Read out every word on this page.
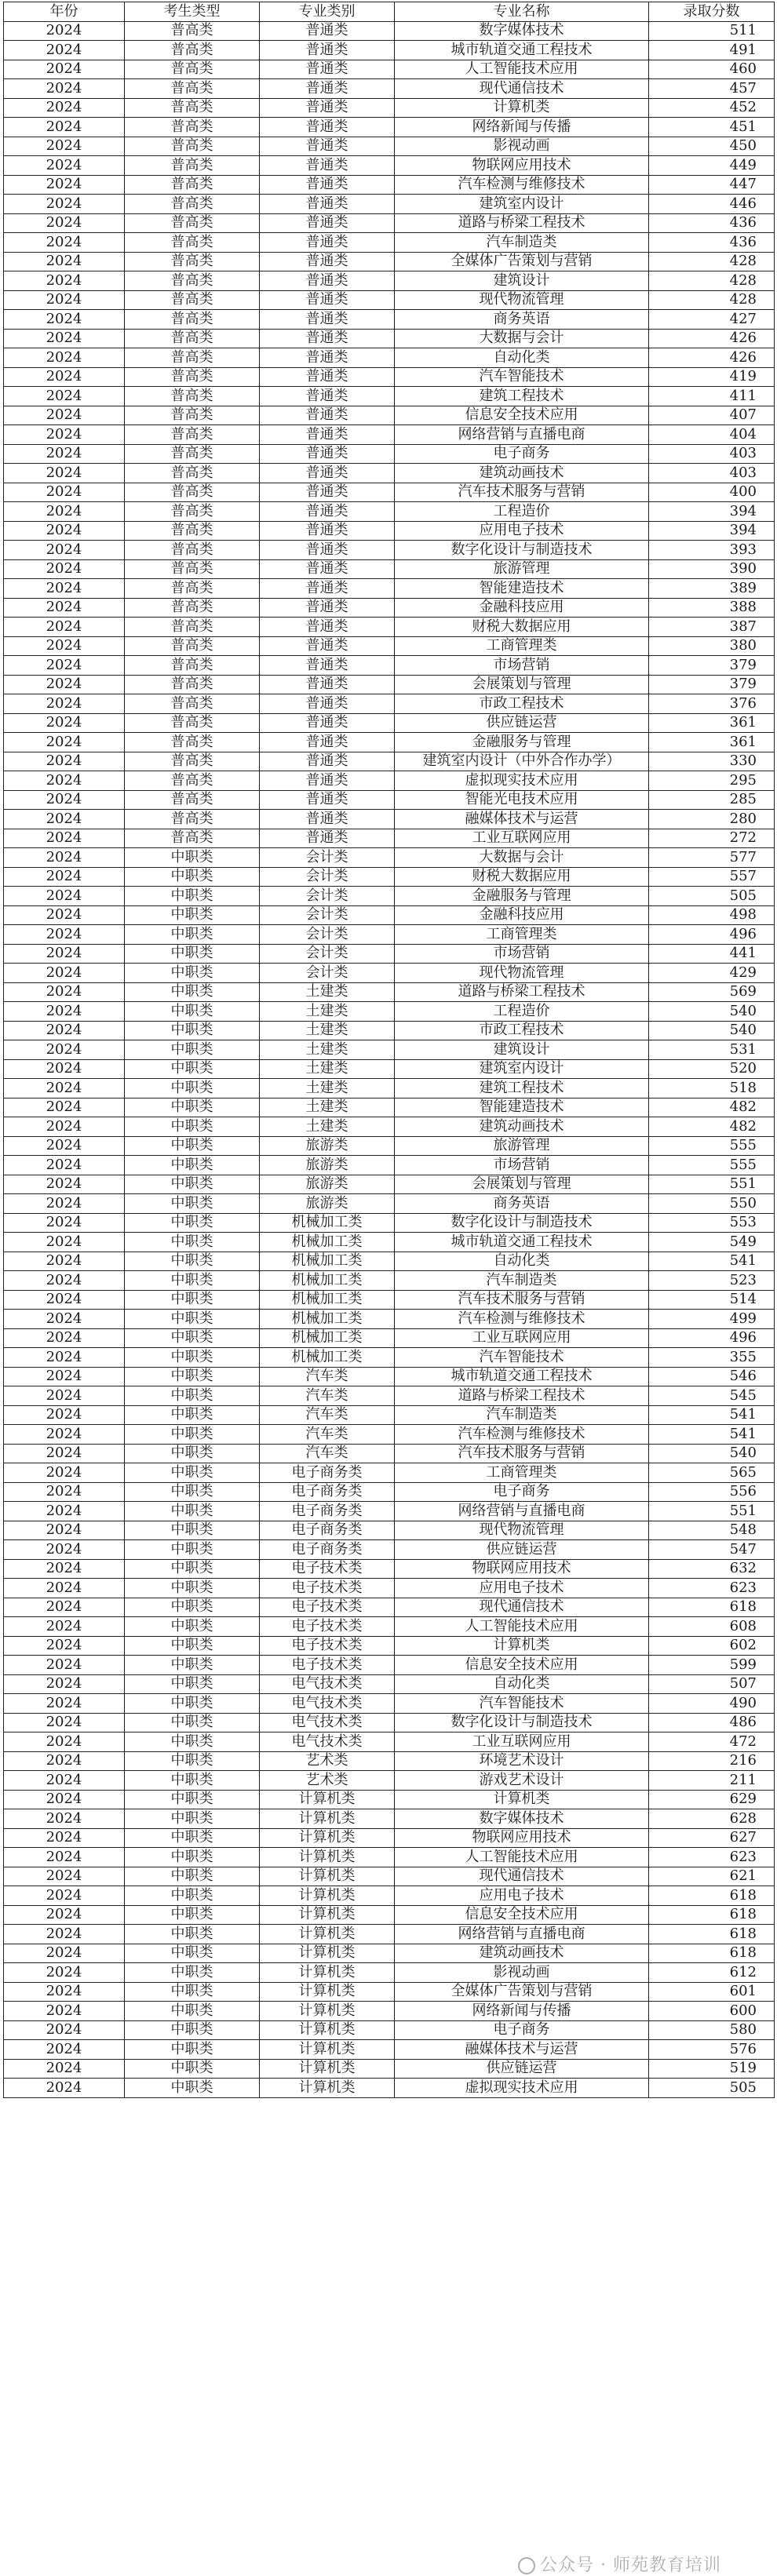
年份	考生类型	专业类别	专业名称	录取分数
2024	普高类	普通类	数字媒体技术	511
2024	普高类	普通类	城市轨道交通工程技术	491
2024	普高类	普通类	人工智能技术应用	460
2024	普高类	普通类	现代通信技术	457
2024	普高类	普通类	计算机类	452
2024	普高类	普通类	网络新闻与传播	451
2024	普高类	普通类	影视动画	450
2024	普高类	普通类	物联网应用技术	449
2024	普高类	普通类	汽车检测与维修技术	447
2024	普高类	普通类	建筑室内设计	446
2024	普高类	普通类	道路与桥梁工程技术	436
2024	普高类	普通类	汽车制造类	436
2024	普高类	普通类	全媒体广告策划与营销	428
2024	普高类	普通类	建筑设计	428
2024	普高类	普通类	现代物流管理	428
2024	普高类	普通类	商务英语	427
2024	普高类	普通类	大数据与会计	426
2024	普高类	普通类	自动化类	426
2024	普高类	普通类	汽车智能技术	419
2024	普高类	普通类	建筑工程技术	411
2024	普高类	普通类	信息安全技术应用	407
2024	普高类	普通类	网络营销与直播电商	404
2024	普高类	普通类	电子商务	403
2024	普高类	普通类	建筑动画技术	403
2024	普高类	普通类	汽车技术服务与营销	400
2024	普高类	普通类	工程造价	394
2024	普高类	普通类	应用电子技术	394
2024	普高类	普通类	数字化设计与制造技术	393
2024	普高类	普通类	旅游管理	390
2024	普高类	普通类	智能建造技术	389
2024	普高类	普通类	金融科技应用	388
2024	普高类	普通类	财税大数据应用	387
2024	普高类	普通类	工商管理类	380
2024	普高类	普通类	市场营销	379
2024	普高类	普通类	会展策划与管理	379
2024	普高类	普通类	市政工程技术	376
2024	普高类	普通类	供应链运营	361
2024	普高类	普通类	金融服务与管理	361
2024	普高类	普通类	建筑室内设计（中外合作办学）	330
2024	普高类	普通类	虚拟现实技术应用	295
2024	普高类	普通类	智能光电技术应用	285
2024	普高类	普通类	融媒体技术与运营	280
2024	普高类	普通类	工业互联网应用	272
2024	中职类	会计类	大数据与会计	577
2024	中职类	会计类	财税大数据应用	557
2024	中职类	会计类	金融服务与管理	505
2024	中职类	会计类	金融科技应用	498
2024	中职类	会计类	工商管理类	496
2024	中职类	会计类	市场营销	441
2024	中职类	会计类	现代物流管理	429
2024	中职类	土建类	道路与桥梁工程技术	569
2024	中职类	土建类	工程造价	540
2024	中职类	土建类	市政工程技术	540
2024	中职类	土建类	建筑设计	531
2024	中职类	土建类	建筑室内设计	520
2024	中职类	土建类	建筑工程技术	518
2024	中职类	土建类	智能建造技术	482
2024	中职类	土建类	建筑动画技术	482
2024	中职类	旅游类	旅游管理	555
2024	中职类	旅游类	市场营销	555
2024	中职类	旅游类	会展策划与管理	551
2024	中职类	旅游类	商务英语	550
2024	中职类	机械加工类	数字化设计与制造技术	553
2024	中职类	机械加工类	城市轨道交通工程技术	549
2024	中职类	机械加工类	自动化类	541
2024	中职类	机械加工类	汽车制造类	523
2024	中职类	机械加工类	汽车技术服务与营销	514
2024	中职类	机械加工类	汽车检测与维修技术	499
2024	中职类	机械加工类	工业互联网应用	496
2024	中职类	机械加工类	汽车智能技术	355
2024	中职类	汽车类	城市轨道交通工程技术	546
2024	中职类	汽车类	道路与桥梁工程技术	545
2024	中职类	汽车类	汽车制造类	541
2024	中职类	汽车类	汽车检测与维修技术	541
2024	中职类	汽车类	汽车技术服务与营销	540
2024	中职类	电子商务类	工商管理类	565
2024	中职类	电子商务类	电子商务	556
2024	中职类	电子商务类	网络营销与直播电商	551
2024	中职类	电子商务类	现代物流管理	548
2024	中职类	电子商务类	供应链运营	547
2024	中职类	电子技术类	物联网应用技术	632
2024	中职类	电子技术类	应用电子技术	623
2024	中职类	电子技术类	现代通信技术	618
2024	中职类	电子技术类	人工智能技术应用	608
2024	中职类	电子技术类	计算机类	602
2024	中职类	电子技术类	信息安全技术应用	599
2024	中职类	电气技术类	自动化类	507
2024	中职类	电气技术类	汽车智能技术	490
2024	中职类	电气技术类	数字化设计与制造技术	486
2024	中职类	电气技术类	工业互联网应用	472
2024	中职类	艺术类	环境艺术设计	216
2024	中职类	艺术类	游戏艺术设计	211
2024	中职类	计算机类	计算机类	629
2024	中职类	计算机类	数字媒体技术	628
2024	中职类	计算机类	物联网应用技术	627
2024	中职类	计算机类	人工智能技术应用	623
2024	中职类	计算机类	现代通信技术	621
2024	中职类	计算机类	应用电子技术	618
2024	中职类	计算机类	信息安全技术应用	618
2024	中职类	计算机类	网络营销与直播电商	618
2024	中职类	计算机类	建筑动画技术	618
2024	中职类	计算机类	影视动画	612
2024	中职类	计算机类	全媒体广告策划与营销	601
2024	中职类	计算机类	网络新闻与传播	600
2024	中职类	计算机类	电子商务	580
2024	中职类	计算机类	融媒体技术与运营	576
2024	中职类	计算机类	供应链运营	519
2024	中职类	计算机类	虚拟现实技术应用	505
公众号 · 师苑教育培训
